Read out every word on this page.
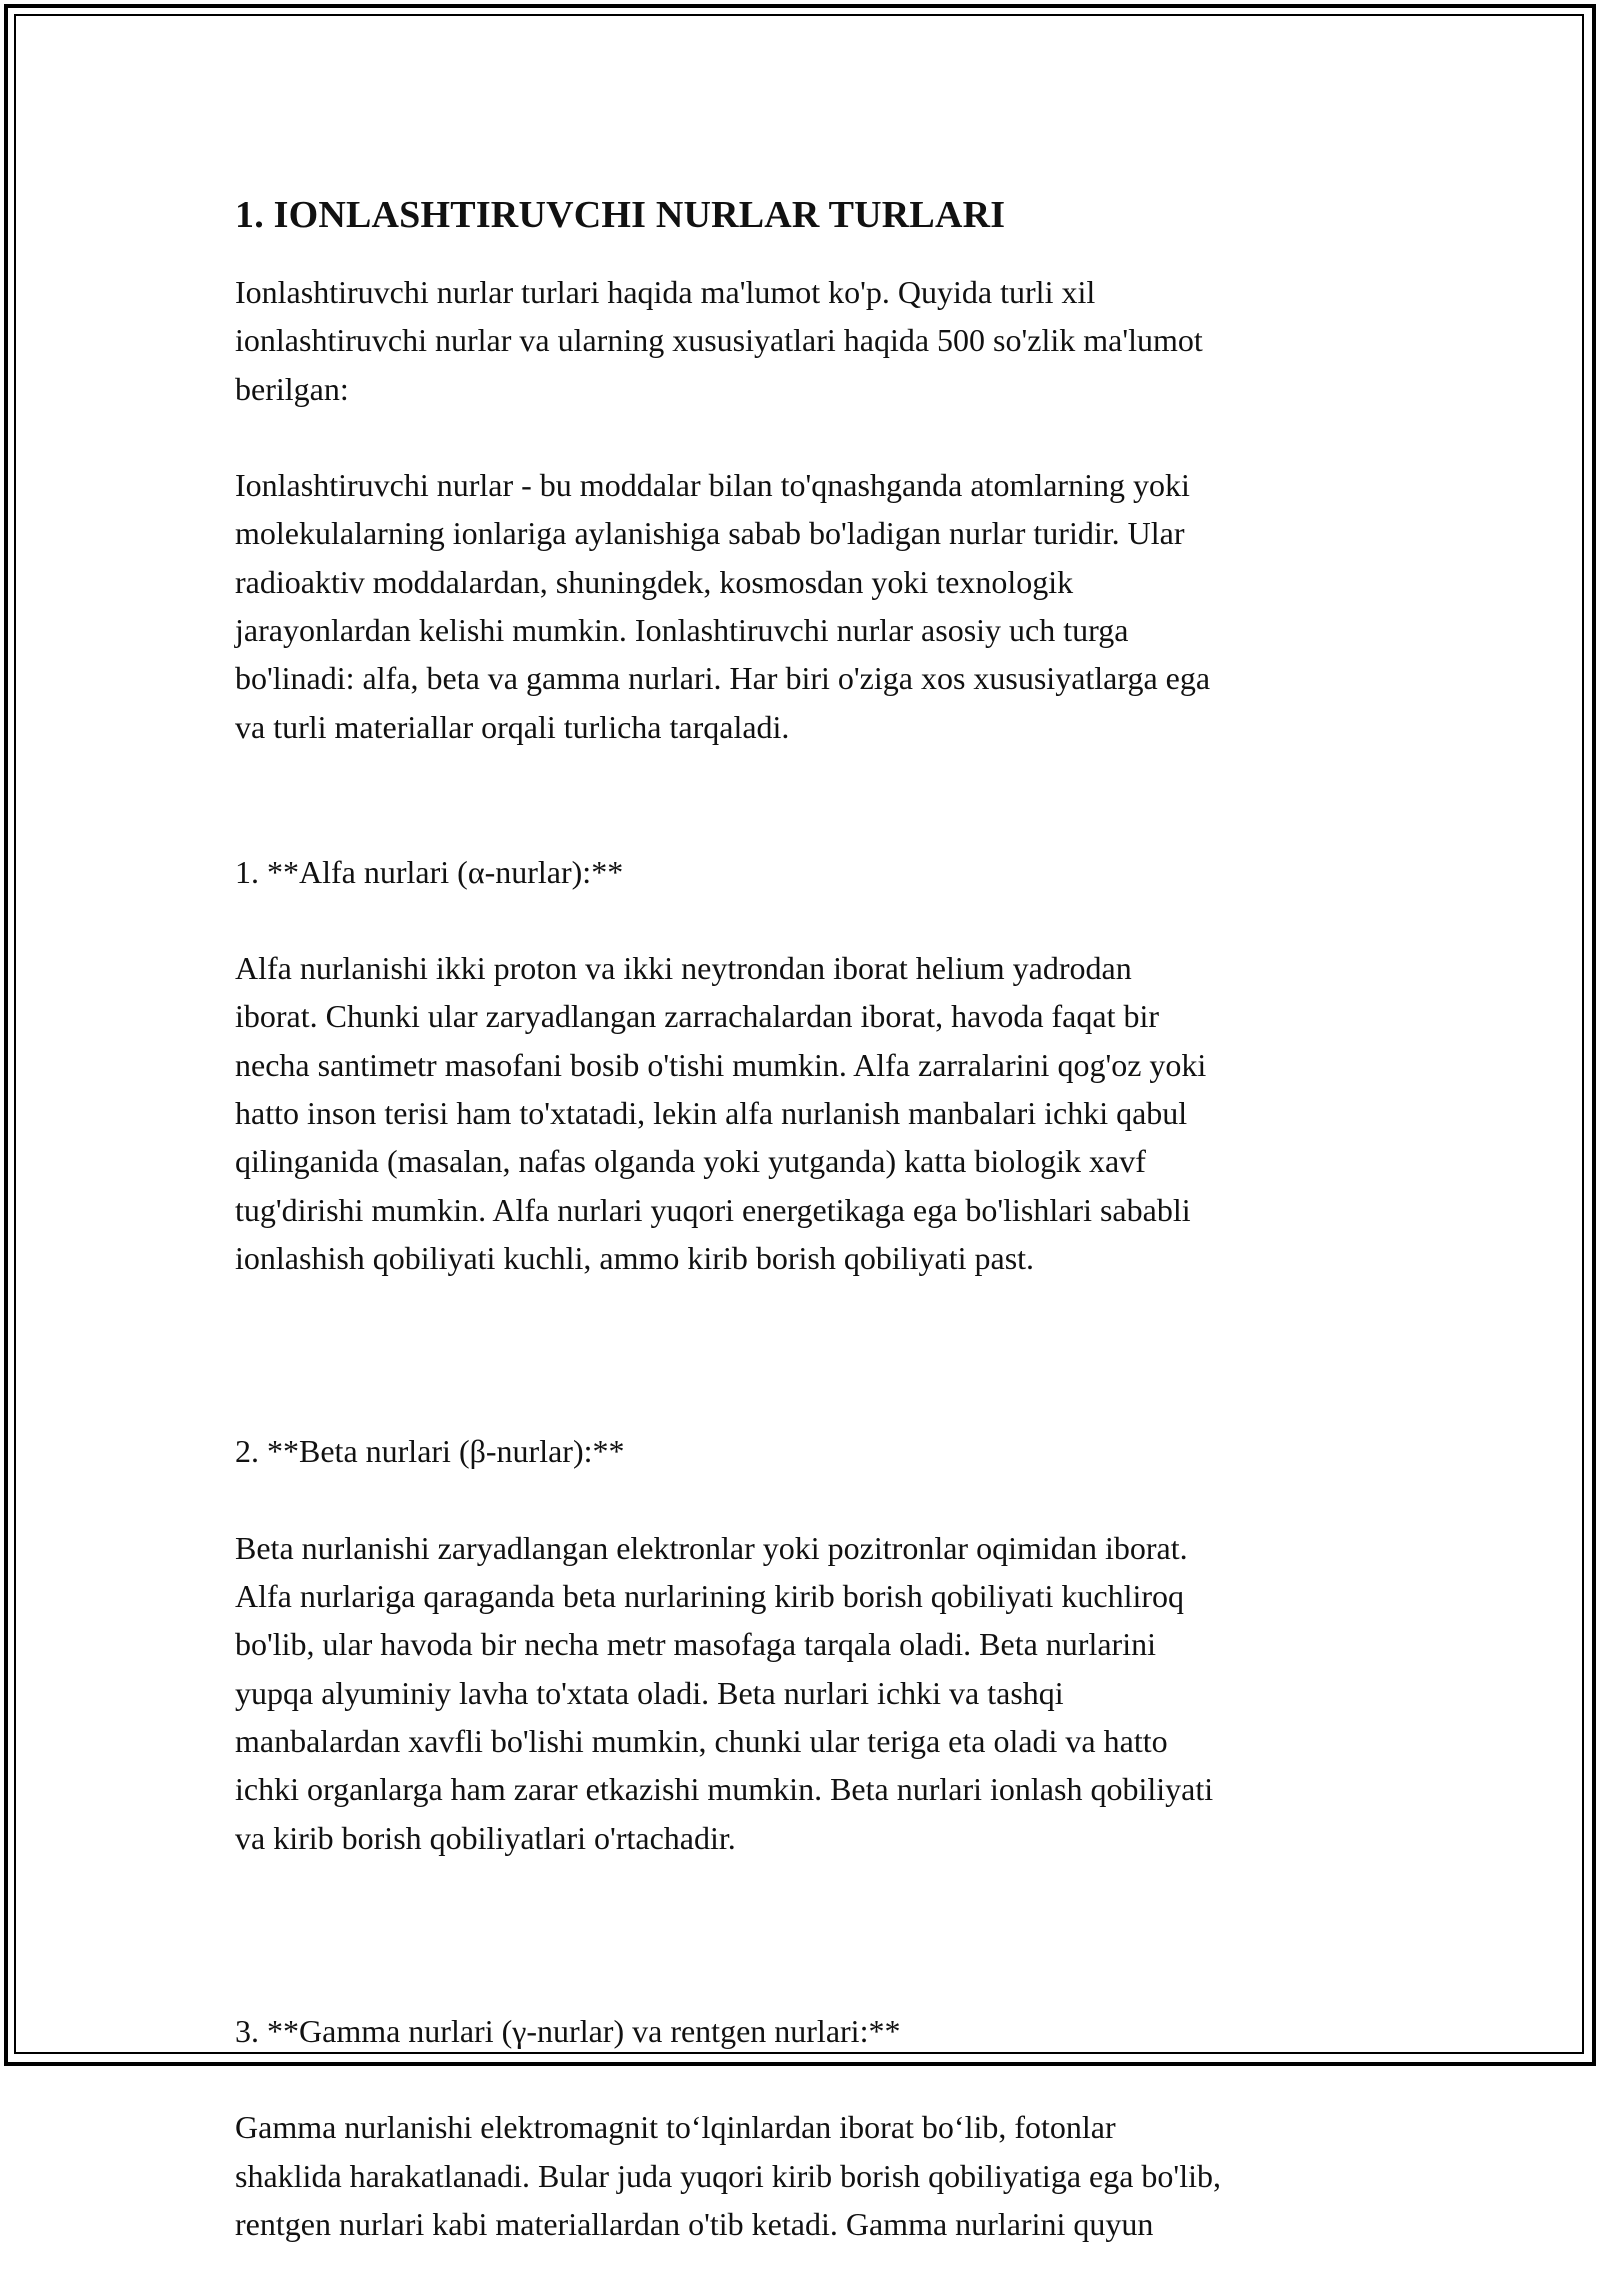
1. IONLASHTIRUVCHI NURLAR TURLARI

Ionlashtiruvchi nurlar turlari haqida ma'lumot ko'p. Quyida turli xil
ionlashtiruvchi nurlar va ularning xususiyatlari haqida 500 so'zlik ma'lumot
berilgan:

Ionlashtiruvchi nurlar - bu moddalar bilan to'qnashganda atomlarning yoki
molekulalarning ionlariga aylanishiga sabab bo'ladigan nurlar turidir. Ular
radioaktiv moddalardan, shuningdek, kosmosdan yoki texnologik
jarayonlardan kelishi mumkin. Ionlashtiruvchi nurlar asosiy uch turga
bo'linadi: alfa, beta va gamma nurlari. Har biri o'ziga xos xususiyatlarga ega
va turli materiallar orqali turlicha tarqaladi.

1. **Alfa nurlari (α-nurlar):**

Alfa nurlanishi ikki proton va ikki neytrondan iborat helium yadrodan
iborat. Chunki ular zaryadlangan zarrachalardan iborat, havoda faqat bir
necha santimetr masofani bosib o'tishi mumkin. Alfa zarralarini qog'oz yoki
hatto inson terisi ham to'xtatadi, lekin alfa nurlanish manbalari ichki qabul
qilinganida (masalan, nafas olganda yoki yutganda) katta biologik xavf
tug'dirishi mumkin. Alfa nurlari yuqori energetikaga ega bo'lishlari sababli
ionlashish qobiliyati kuchli, ammo kirib borish qobiliyati past.

2. **Beta nurlari (β-nurlar):**

Beta nurlanishi zaryadlangan elektronlar yoki pozitronlar oqimidan iborat.
Alfa nurlariga qaraganda beta nurlarining kirib borish qobiliyati kuchliroq
bo'lib, ular havoda bir necha metr masofaga tarqala oladi. Beta nurlarini
yupqa alyuminiy lavha to'xtata oladi. Beta nurlari ichki va tashqi
manbalardan xavfli bo'lishi mumkin, chunki ular teriga eta oladi va hatto
ichki organlarga ham zarar etkazishi mumkin. Beta nurlari ionlash qobiliyati
va kirib borish qobiliyatlari o'rtachadir.

3. **Gamma nurlari (γ-nurlar) va rentgen nurlari:**

Gamma nurlanishi elektromagnit to‘lqinlardan iborat bo‘lib, fotonlar
shaklida harakatlanadi. Bular juda yuqori kirib borish qobiliyatiga ega bo'lib,
rentgen nurlari kabi materiallardan o'tib ketadi. Gamma nurlarini quyun
